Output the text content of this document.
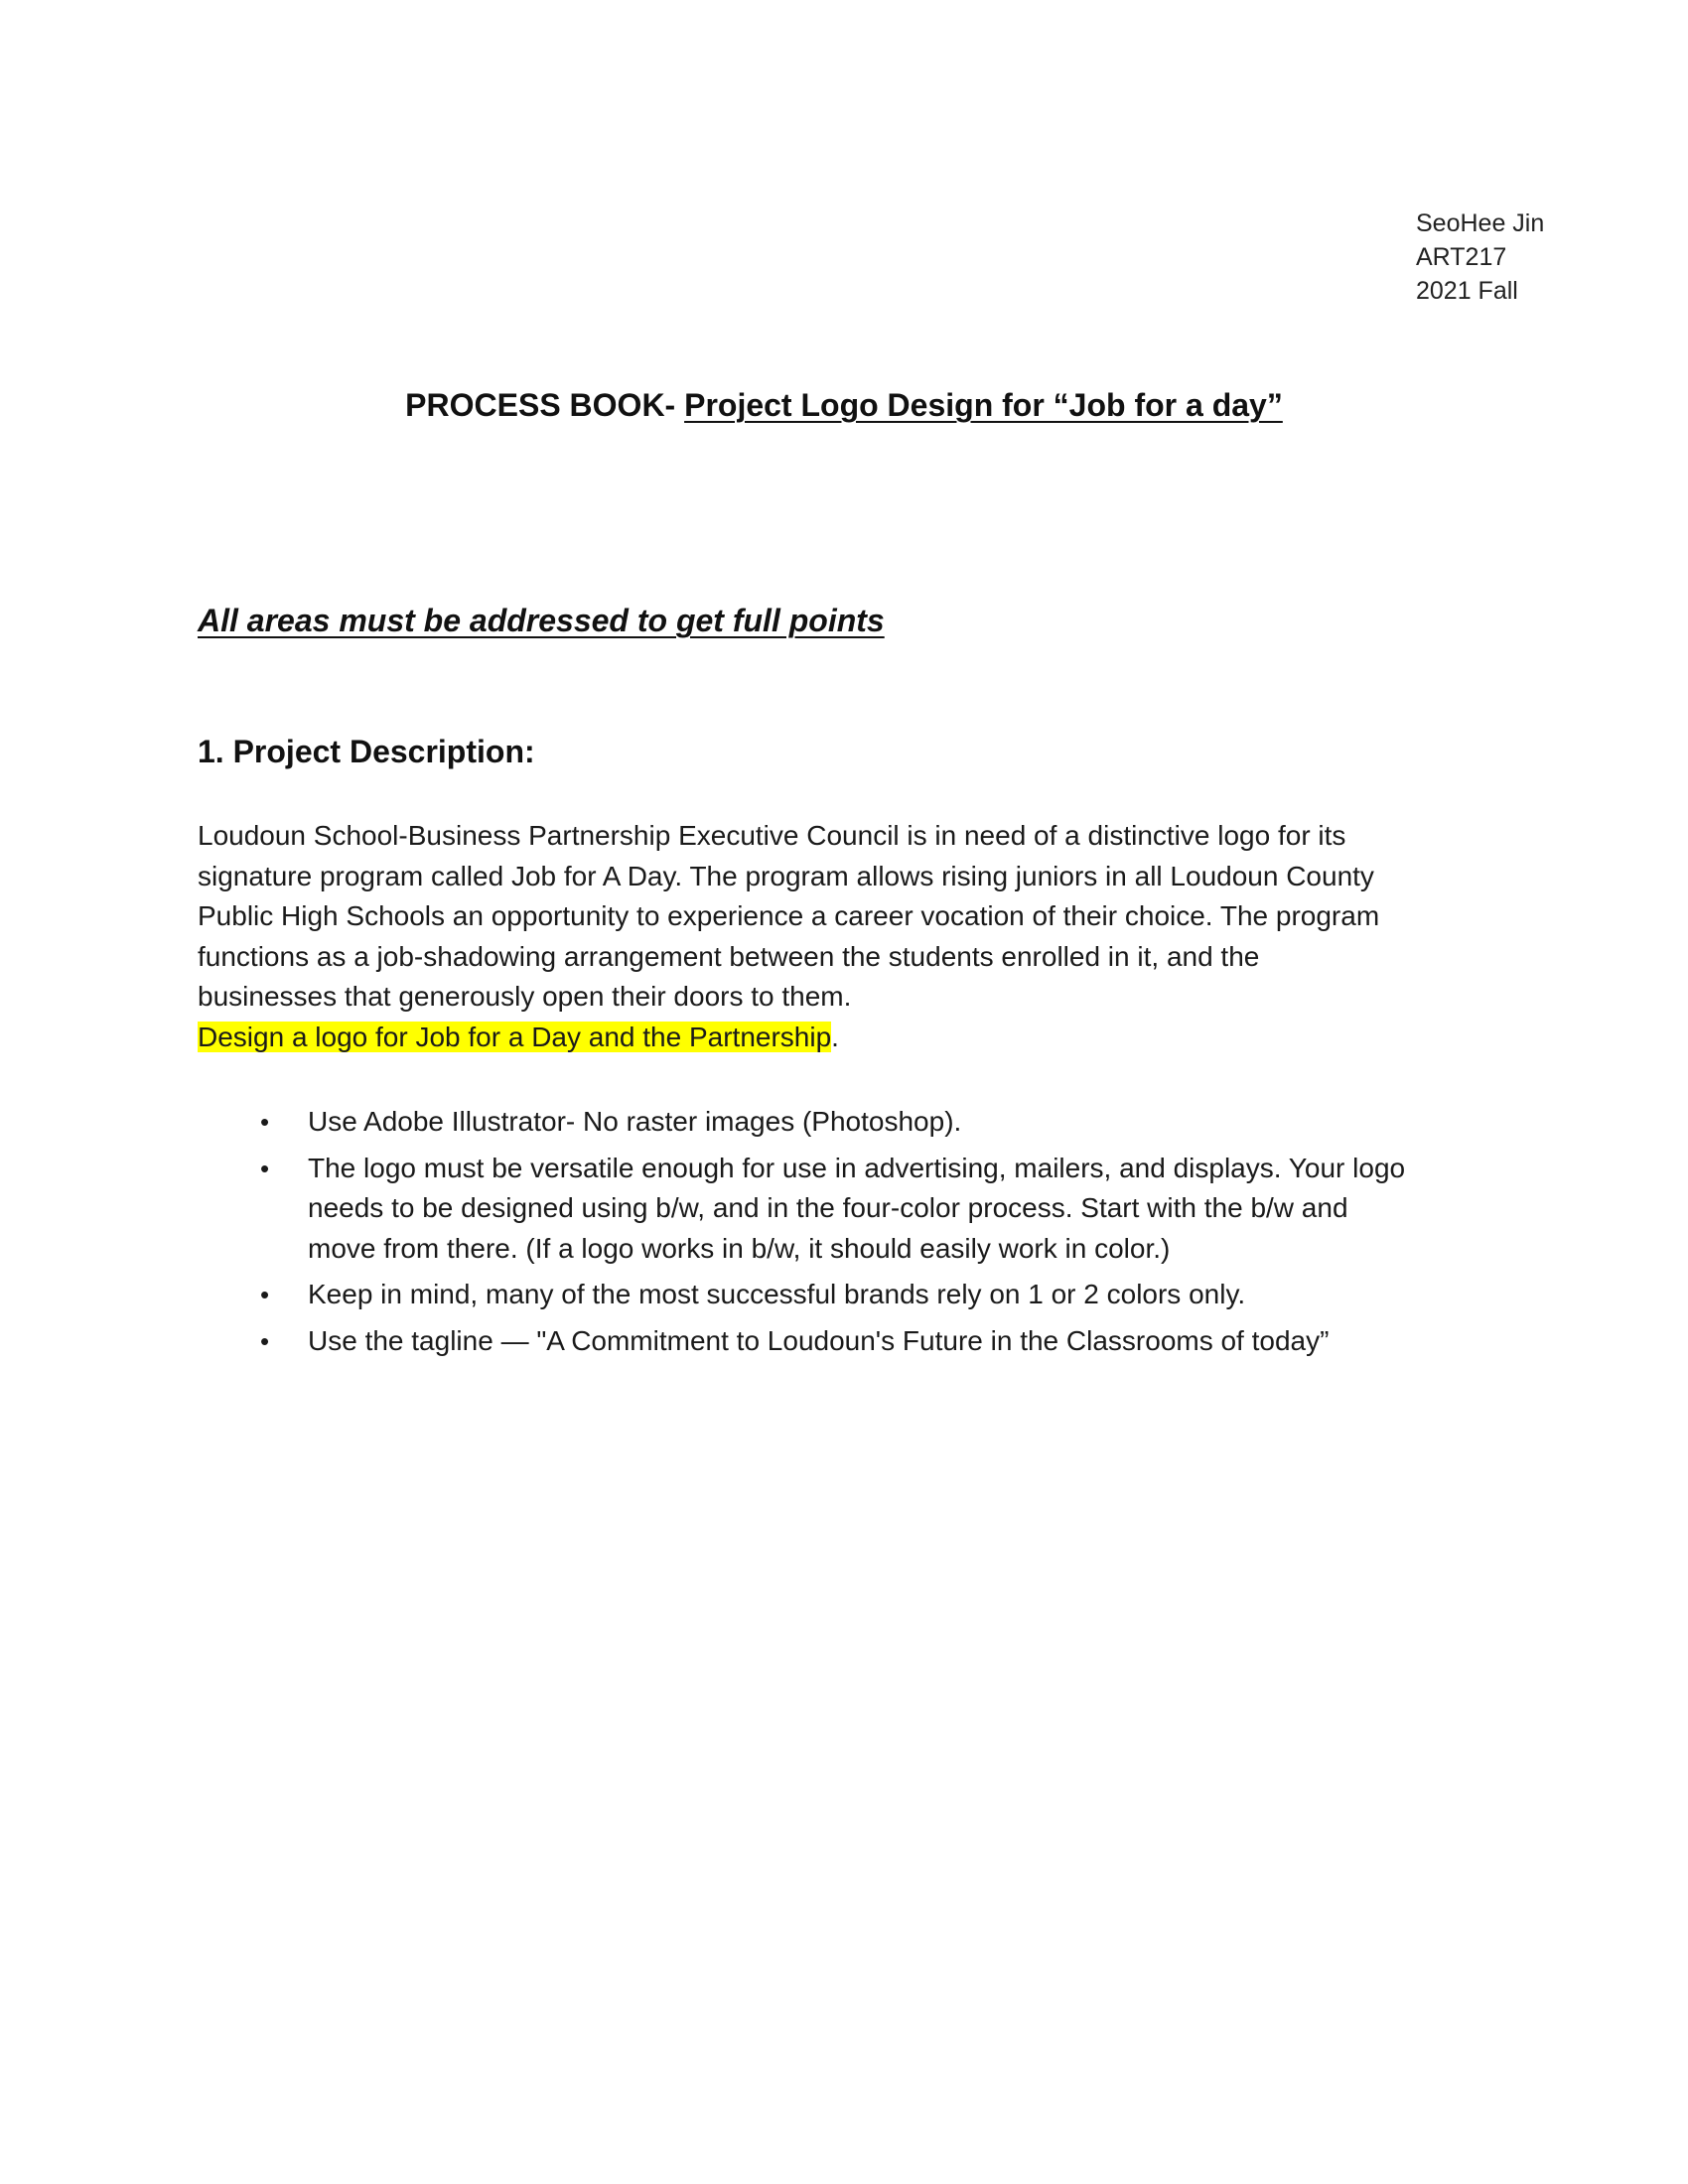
SeoHee Jin
ART217
2021 Fall
PROCESS BOOK- Project Logo Design for “Job for a day”
All areas must be addressed to get full points
1. Project Description:
Loudoun School-Business Partnership Executive Council is in need of a distinctive logo for its
signature program called Job for A Day. The program allows rising juniors in all Loudoun County
Public High Schools an opportunity to experience a career vocation of their choice. The program
functions as a job-shadowing arrangement between the students enrolled in it, and the
businesses that generously open their doors to them.
Design a logo for Job for a Day and the Partnership.
•	Use Adobe Illustrator- No raster images (Photoshop).
•	The logo must be versatile enough for use in advertising, mailers, and displays. Your logo
needs to be designed using b/w, and in the four-color process. Start with the b/w and
move from there. (If a logo works in b/w, it should easily work in color.)
•	Keep in mind, many of the most successful brands rely on 1 or 2 colors only.
•	Use the tagline — "A Commitment to Loudoun's Future in the Classrooms of today”
